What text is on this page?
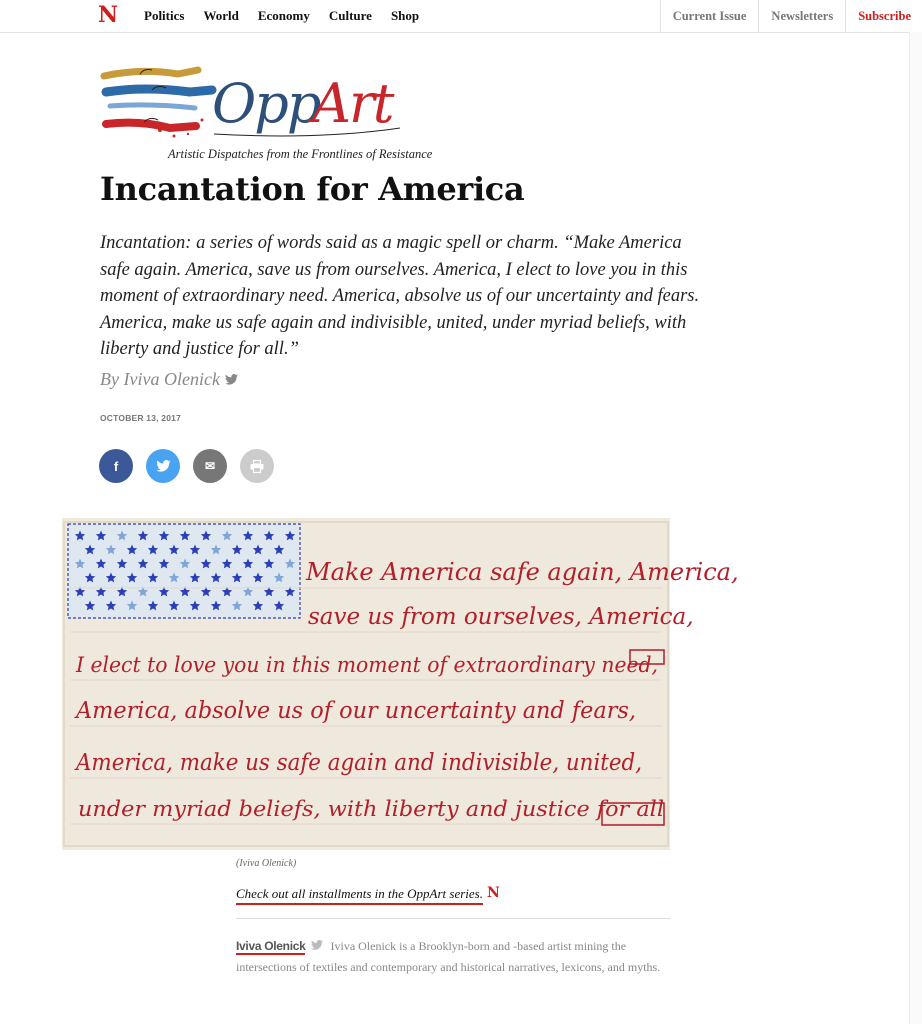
N Politics World Economy Culture Shop	Current Issue	Newsletters	Subscribe
Opp
Art
Artistic Dispatches from the Frontlines of Resistance
Incantation for America

Incantation: a series of words said as a magic spell or charm. “Make America safe again. America, save us from ourselves. America, I elect to love you in this moment of extraordinary need. America, absolve us of our uncertainty and fears. America, make us safe again and indivisible, united, under myriad beliefs, with liberty and justice for all.”

By Iviva Olenick
OCTOBER 13, 2017
f	✉
Make America safe again, America,
save us from ourselves, America,
I elect to love you in this moment of extraordinary need,
America, absolve us of our uncertainty and fears,
America, make us safe again and indivisible, united,
under myriad beliefs, with liberty and justice for all
(Iviva Olenick)
Check out all installments in the OppArt series. N

Iviva Olenick Iviva Olenick is a Brooklyn-born and -based artist mining the intersections of textiles and contemporary and historical narratives, lexicons, and myths.
